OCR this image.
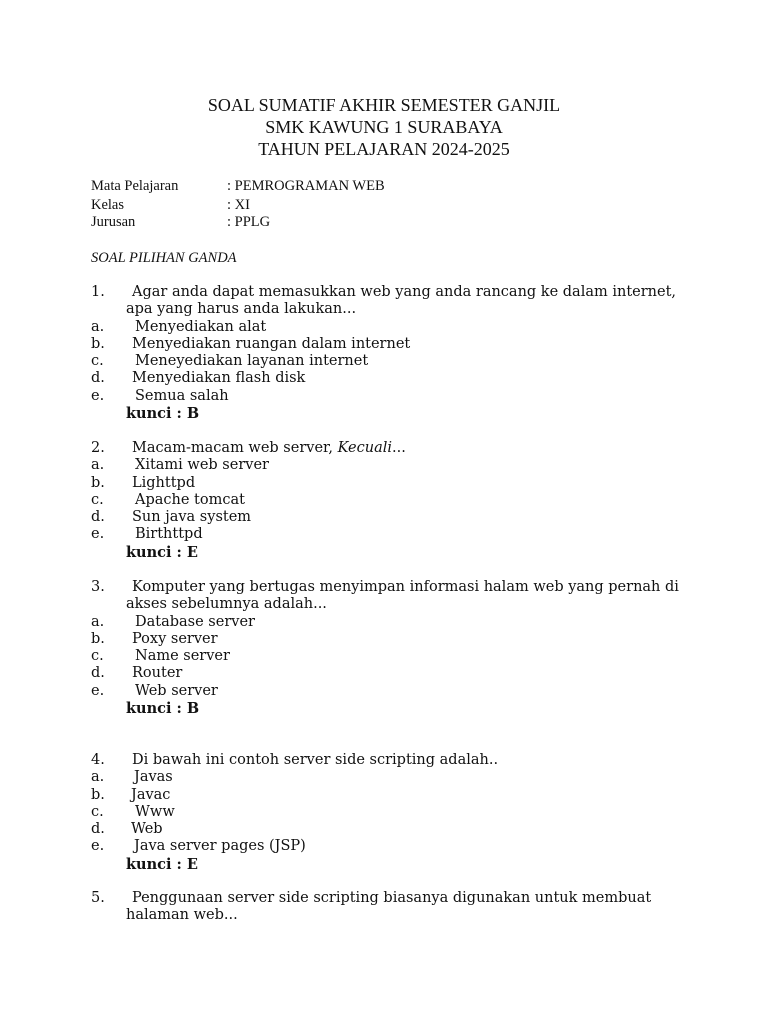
SOAL SUMATIF AKHIR SEMESTER GANJIL
SMK KAWUNG 1 SURABAYA
TAHUN PELAJARAN 2024-2025
Mata Pelajaran	: PEMROGRAMAN WEB
Kelas	: XI
Jurusan	: PPLG
SOAL PILIHAN GANDA
1. Agar anda dapat memasukkan web yang anda rancang ke dalam internet,
apa yang harus anda lakukan...
a. Menyediakan alat
b. Menyediakan ruangan dalam internet
c. Meneyediakan layanan internet
d. Menyediakan flash disk
e. Semua salah
kunci : B
2. Macam-macam web server, Kecuali...
a. Xitami web server
b. Lighttpd
c. Apache tomcat
d. Sun java system
e. Birthttpd
kunci : E
3. Komputer yang bertugas menyimpan informasi halam web yang pernah di
akses sebelumnya adalah...
a. Database server
b. Poxy server
c. Name server
d. Router
e. Web server
kunci : B
4. Di bawah ini contoh server side scripting adalah..
a. Javas
b. Javac
c. Www
d. Web
e. Java server pages (JSP)
kunci : E
5. Penggunaan server side scripting biasanya digunakan untuk membuat
halaman web...
